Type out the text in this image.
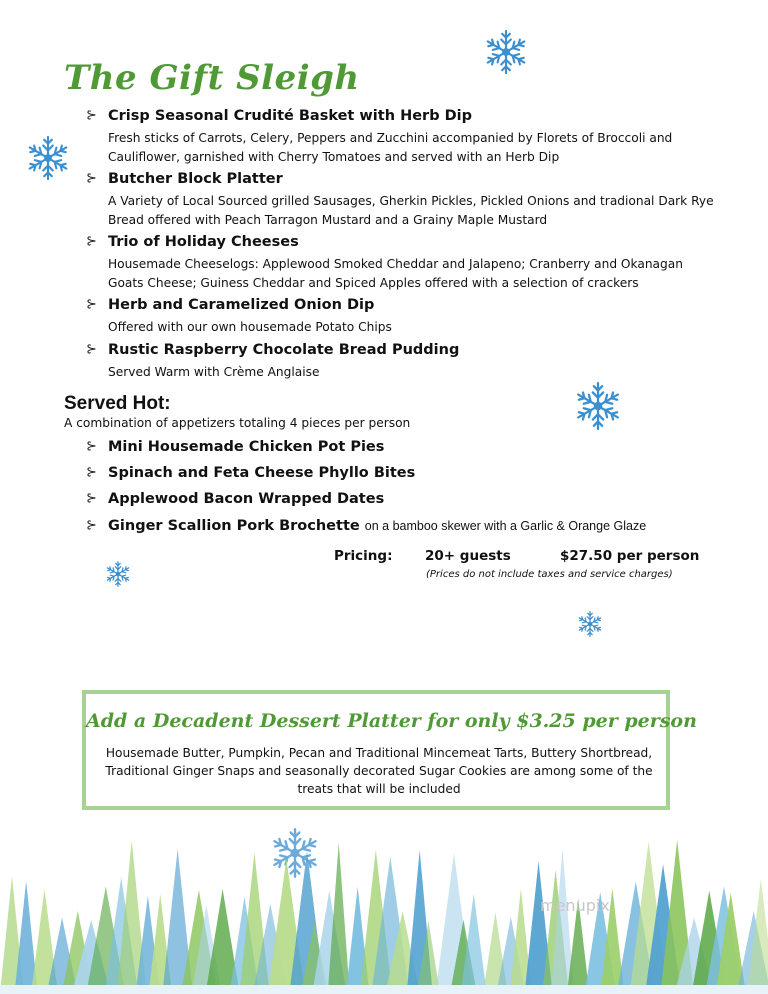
The Gift Sleigh
⊱ Crisp Seasonal Crudité Basket with Herb Dip
Fresh sticks of Carrots, Celery, Peppers and Zucchini accompanied by Florets of Broccoli and Cauliflower, garnished with Cherry Tomatoes and served with an Herb Dip
⊱ Butcher Block Platter
A Variety of Local Sourced grilled Sausages, Gherkin Pickles, Pickled Onions and tradional Dark Rye Bread offered with Peach Tarragon Mustard and a Grainy Maple Mustard
⊱ Trio of Holiday Cheeses
Housemade Cheeselogs: Applewood Smoked Cheddar and Jalapeno; Cranberry and Okanagan Goats Cheese; Guiness Cheddar and Spiced Apples offered with a selection of crackers
⊱ Herb and Caramelized Onion Dip
Offered with our own housemade Potato Chips
⊱ Rustic Raspberry Chocolate Bread Pudding
Served Warm with Crème Anglaise
Served Hot:
A combination of appetizers totaling 4 pieces per person
⊱ Mini Housemade Chicken Pot Pies
⊱ Spinach and Feta Cheese Phyllo Bites
⊱ Applewood Bacon Wrapped Dates
⊱ Ginger Scallion Pork Brochette on a bamboo skewer with a Garlic & Orange Glaze
Pricing: 20+ guests	$27.50 per person
(Prices do not include taxes and service charges)
Add a Decadent Dessert Platter for only $3.25 per person
Housemade Butter, Pumpkin, Pecan and Traditional Mincemeat Tarts, Buttery Shortbread, Traditional Ginger Snaps and seasonally decorated Sugar Cookies are among some of the treats that will be included
menupix
